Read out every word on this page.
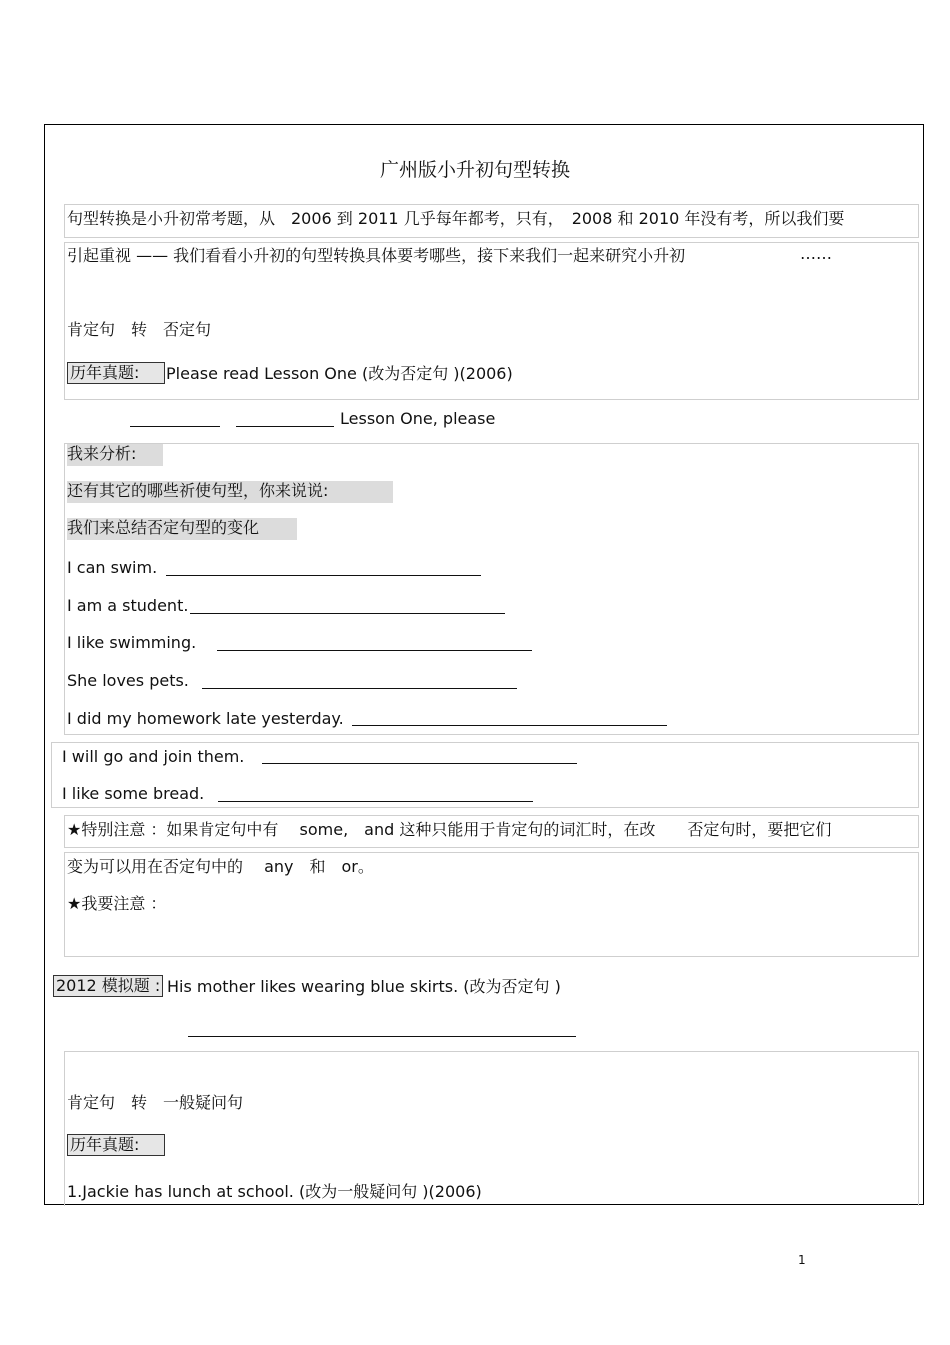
广州版小升初句型转换
句型转换是小升初常考题，从　2006 到 2011 几乎每年都考，只有，　2008 和 2010 年没有考，所以我们要
引起重视 —— 我们看看小升初的句型转换具体要考哪些，接下来我们一起来研究小升初	……
肯定句　转　否定句
历年真题:	Please read Lesson One (改为否定句 )(2006)
Lesson One, please
我来分析:
还有其它的哪些祈使句型，你来说说:
我们来总结否定句型的变化
I can swim.
I am a student.
I like swimming.
She loves pets.
I did my homework late yesterday.
I will go and join them.
I like some bread.
★特别注意 ：如果肯定句中有　 some,　and 这种只能用于肯定句的词汇时，在改　　否定句时，要把它们
变为可以用在否定句中的　 any　和　or。
★我要注意 ：
2012 模拟题 : His mother likes wearing blue skirts. (改为否定句 )
肯定句　转　一般疑问句
历年真题:
1.Jackie has lunch at school. (改为一般疑问句 )(2006)
1
